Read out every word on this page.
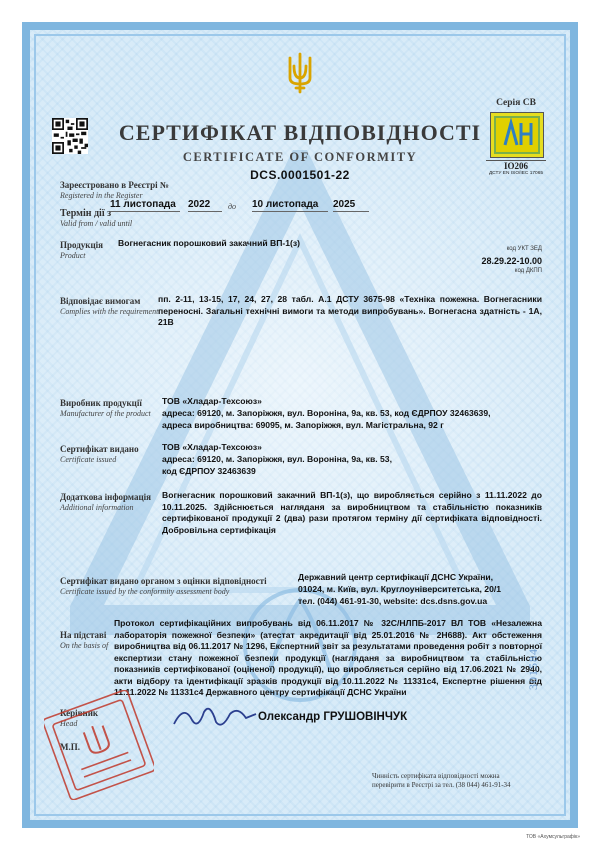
Серія СВ
IO206
ДСТУ EN ISO/IEC 17065
СЕРТИФІКАТ ВІДПОВІДНОСТІ
CERTIFICATE OF CONFORMITY
DCS.0001501-22
Зареєстровано в Реєстрі №
Registered in the Register
Термін дії з
Valid from / valid until
11 листопада	2022	до 10 листопада	2025
Продукція
Product
Вогнегасник порошковий закачний ВП-1(з)
код УКТ ЗЕД
28.29.22-10.00
код ДКПП
Відповідає вимогам
Complies with the requirement
пп. 2-11, 13-15, 17, 24, 27, 28 табл. А.1 ДСТУ 3675-98 «Техніка пожежна. Вогнегасники переносні. Загальні технічні вимоги та методи випробувань». Вогнегасна здатність - 1А, 21В
Виробник продукції
Manufacturer of the product
ТОВ «Хладар-Техсоюз»
адреса: 69120, м. Запоріжжя, вул. Вороніна, 9а, кв. 53, код ЄДРПОУ 32463639,
адреса виробництва: 69095, м. Запоріжжя, вул. Магістральна, 92 г
Сертифікат видано
Certificate issued
ТОВ «Хладар-Техсоюз»
адреса: 69120, м. Запоріжжя, вул. Вороніна, 9а, кв. 53,
код ЄДРПОУ 32463639
Додаткова інформація
Additional information
Вогнегасник порошковий закачний ВП-1(з), що виробляється серійно з 11.11.2022 до 10.11.2025. Здійснюється нагляданя за виробництвом та стабільністю показників сертифікованої продукції 2 (два) рази протягом терміну дії сертифіката відповідності. Добровільна сертифікація
Сертифікат видано органом з оцінки відповідності
Certificate issued by the conformity assessment body
Державний центр сертифікації ДСНС України,
01024, м. Київ, вул. Круглоуніверситетська, 20/1
тел. (044) 461-91-30, website: dcs.dsns.gov.ua
На підставі
On the basis of
Протокол сертифікаційних випробувань від 06.11.2017 № 32С/НЛПБ-2017 ВЛ ТОВ «Незалежна лабораторія пожежної безпеки» (атестат акредитації від 25.01.2016 № 2Н688). Акт обстеження виробництва від 06.11.2017 № 1296, Експертний звіт за результатами проведення робіт з повторної експертизи стану пожежної безпеки продукції (нагляданя за виробництвом та стабільністю показників сертифікованої (оціненої) продукції), що виробляється серійно від 17.06.2021 № 2940, акти відбору та ідентифікації зразків продукції від 10.11.2022 № 11331с4, Експертне рішення від 11.11.2022 № 11331с4 Державного центру сертифікації ДСНС України
Керівник
Head
М.П.
Олександр ГРУШОВІНЧУК
Чинність сертифіката відповідності можна
перевірити в Реєстрі за тел. (38 044) 461-91-34
301584
ТОВ «Ахумсульграфік»
